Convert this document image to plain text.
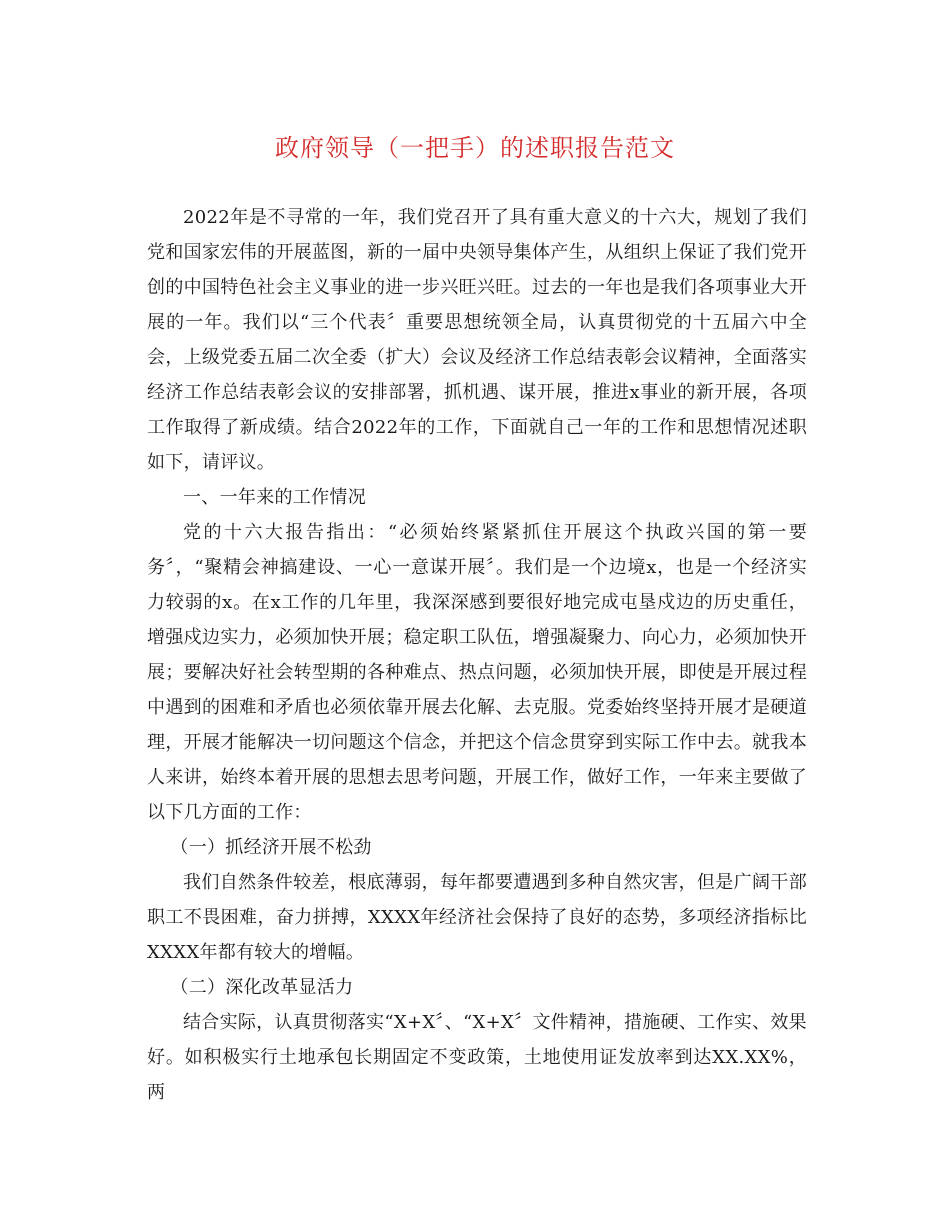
政府领导（一把手）的述职报告范文

2022年是不寻常的一年，我们党召开了具有重大意义的十六大，规划了我们党和国家宏伟的开展蓝图，新的一届中央领导集体产生，从组织上保证了我们党开创的中国特色社会主义事业的进一步兴旺兴旺。过去的一年也是我们各项事业大开展的一年。我们以“三个代表〞重要思想统领全局，认真贯彻党的十五届六中全会，上级党委五届二次全委（扩大）会议及经济工作总结表彰会议精神，全面落实经济工作总结表彰会议的安排部署，抓机遇、谋开展，推进x事业的新开展，各项工作取得了新成绩。结合2022年的工作，下面就自己一年的工作和思想情况述职如下，请评议。

一、一年来的工作情况

党的十六大报告指出：“必须始终紧紧抓住开展这个执政兴国的第一要务〞，“聚精会神搞建设、一心一意谋开展〞。我们是一个边境x，也是一个经济实力较弱的x。在x工作的几年里，我深深感到要很好地完成屯垦戍边的历史重任，增强戍边实力，必须加快开展；稳定职工队伍，增强凝聚力、向心力，必须加快开展；要解决好社会转型期的各种难点、热点问题，必须加快开展，即使是开展过程中遇到的困难和矛盾也必须依靠开展去化解、去克服。党委始终坚持开展才是硬道理，开展才能解决一切问题这个信念，并把这个信念贯穿到实际工作中去。就我本人来讲，始终本着开展的思想去思考问题，开展工作，做好工作，一年来主要做了以下几方面的工作：

（一）抓经济开展不松劲

我们自然条件较差，根底薄弱，每年都要遭遇到多种自然灾害，但是广阔干部职工不畏困难，奋力拼搏，XXXX年经济社会保持了良好的态势，多项经济指标比XXXX年都有较大的增幅。

（二）深化改革显活力

结合实际，认真贯彻落实“X+X〞、“X+X〞文件精神，措施硬、工作实、效果好。如积极实行土地承包长期固定不变政策，土地使用证发放率到达XX.XX%，两
